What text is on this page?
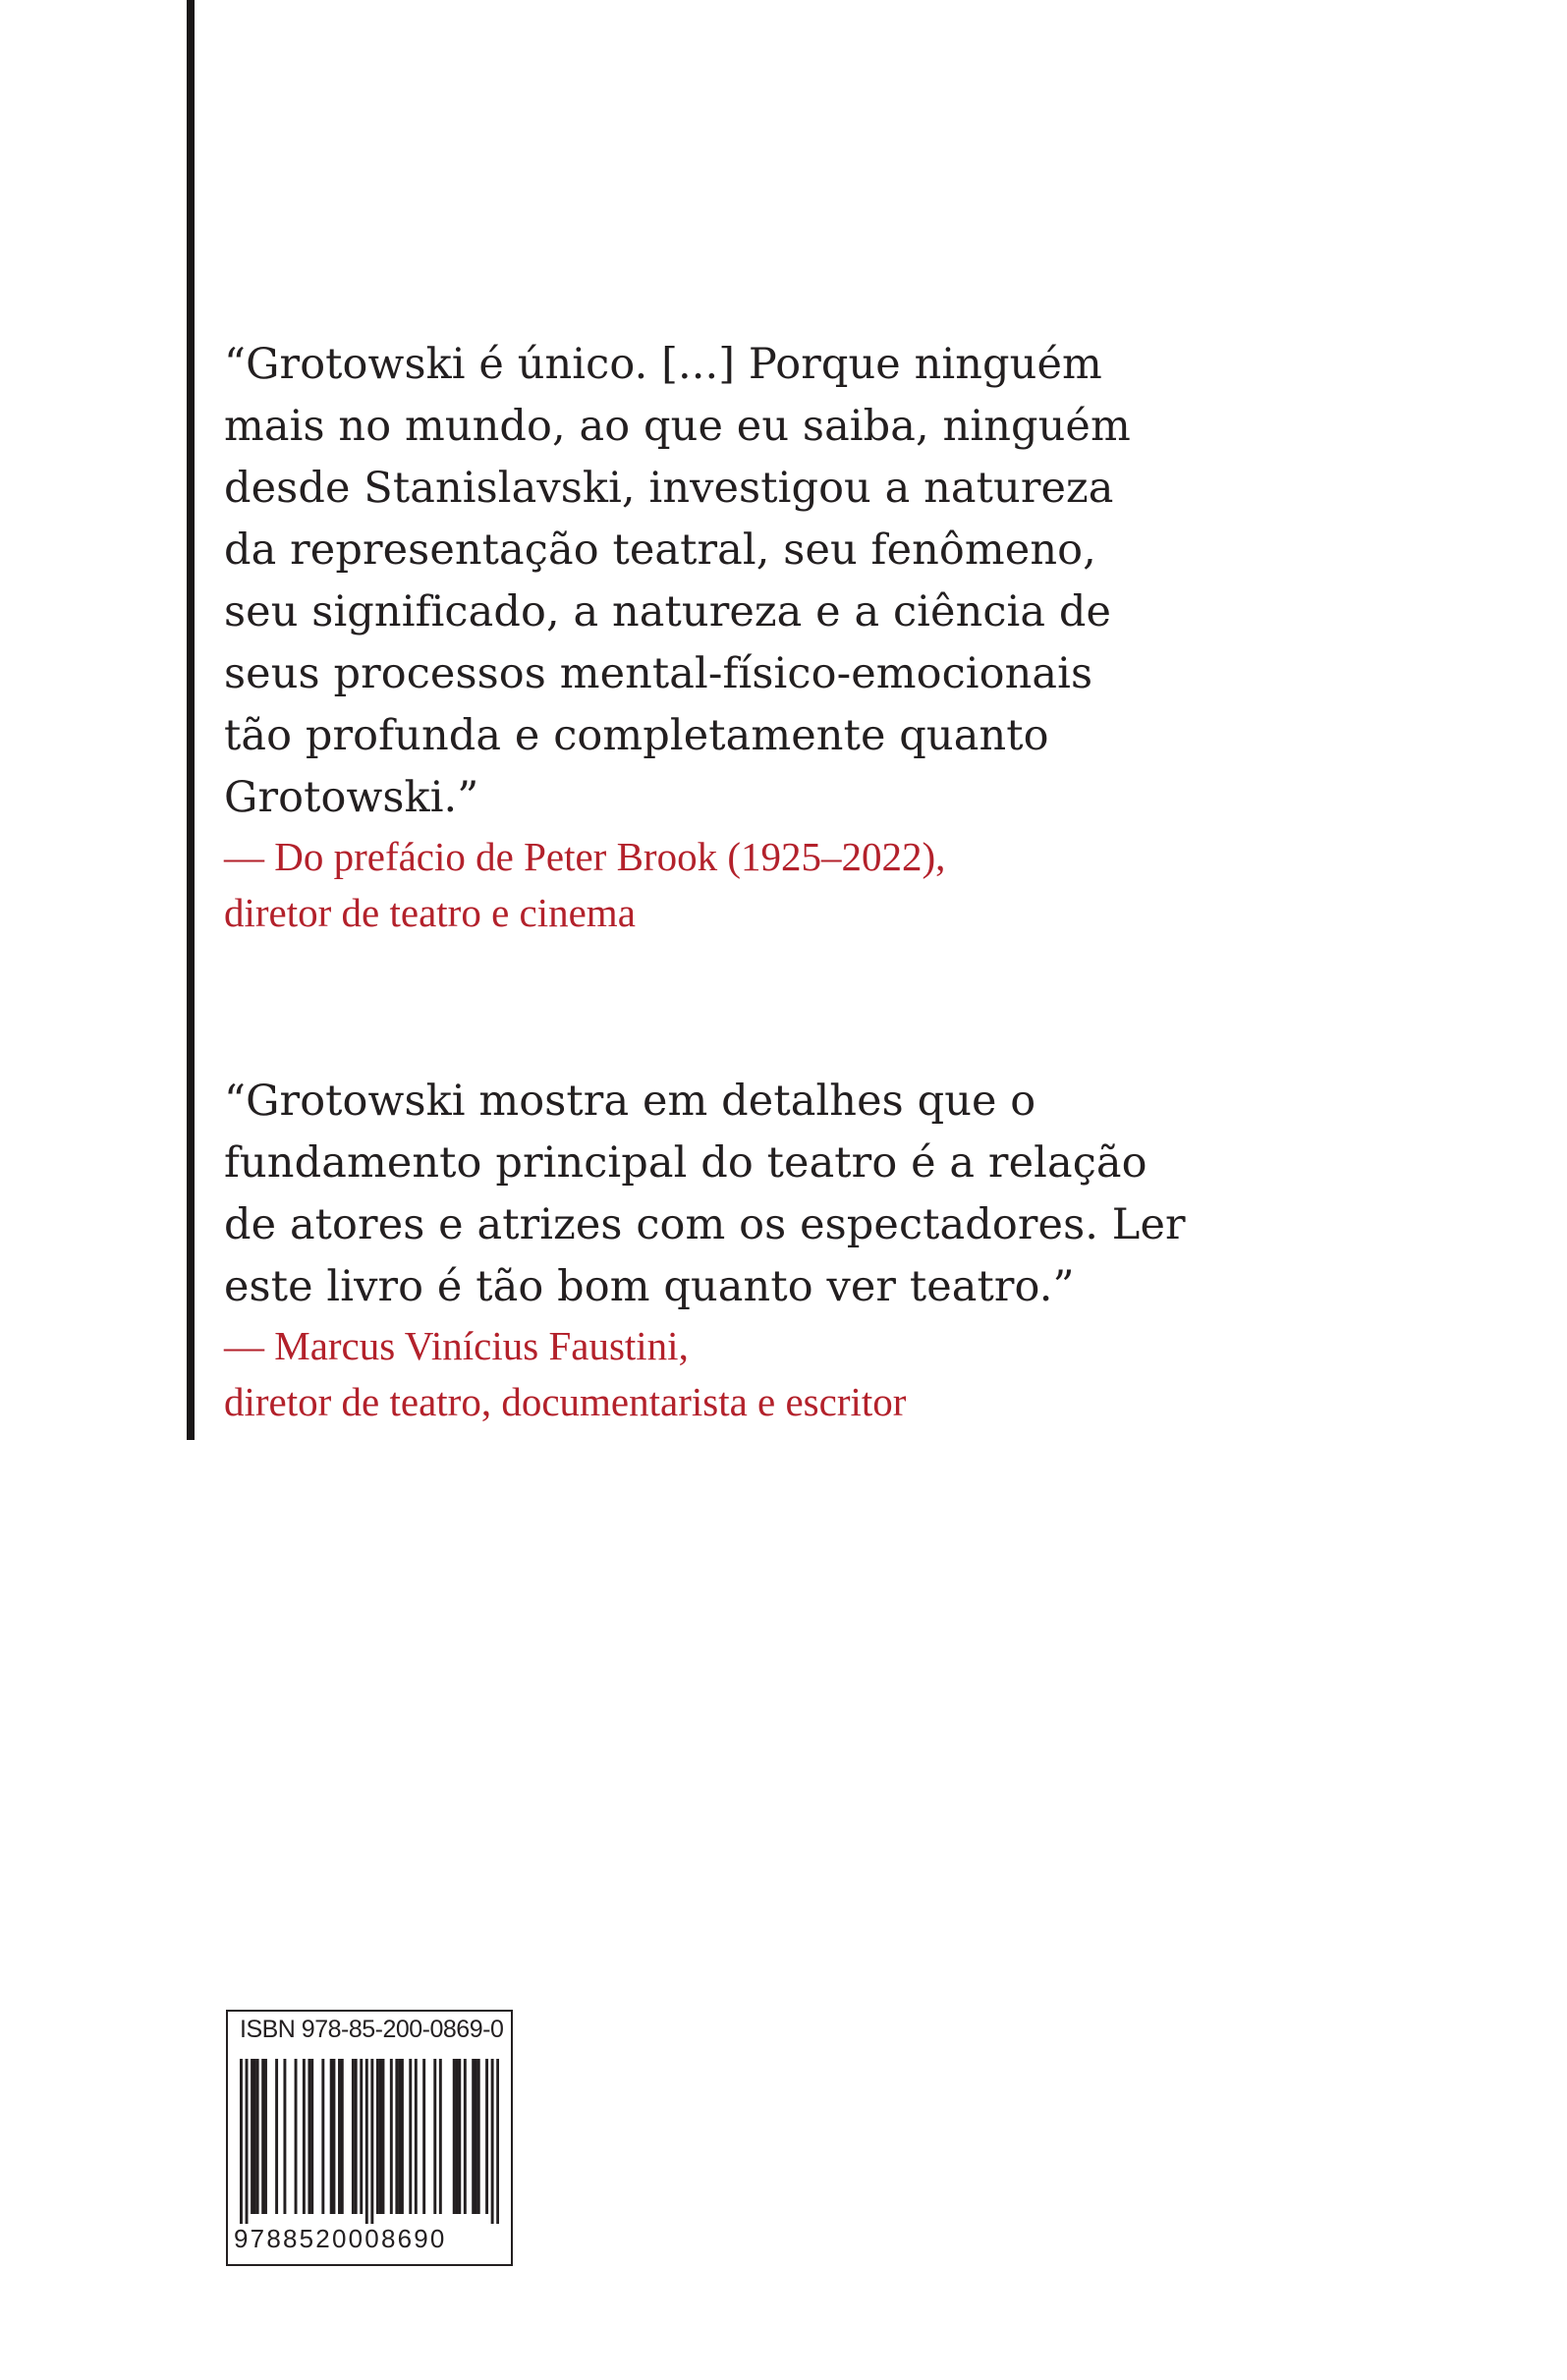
“Grotowski é único. [...] Porque ninguém
mais no mundo, ao que eu saiba, ninguém
desde Stanislavski, investigou a natureza
da representação teatral, seu fenômeno,
seu significado, a natureza e a ciência de
seus processos mental-físico-emocionais
tão profunda e completamente quanto
Grotowski.”
— Do prefácio de Peter Brook (1925–2022),
diretor de teatro e cinema
“Grotowski mostra em detalhes que o
fundamento principal do teatro é a relação
de atores e atrizes com os espectadores. Ler
este livro é tão bom quanto ver teatro.”
— Marcus Vinícius Faustini,
diretor de teatro, documentarista e escritor
ISBN 978-85-200-0869-0
9788520008690
